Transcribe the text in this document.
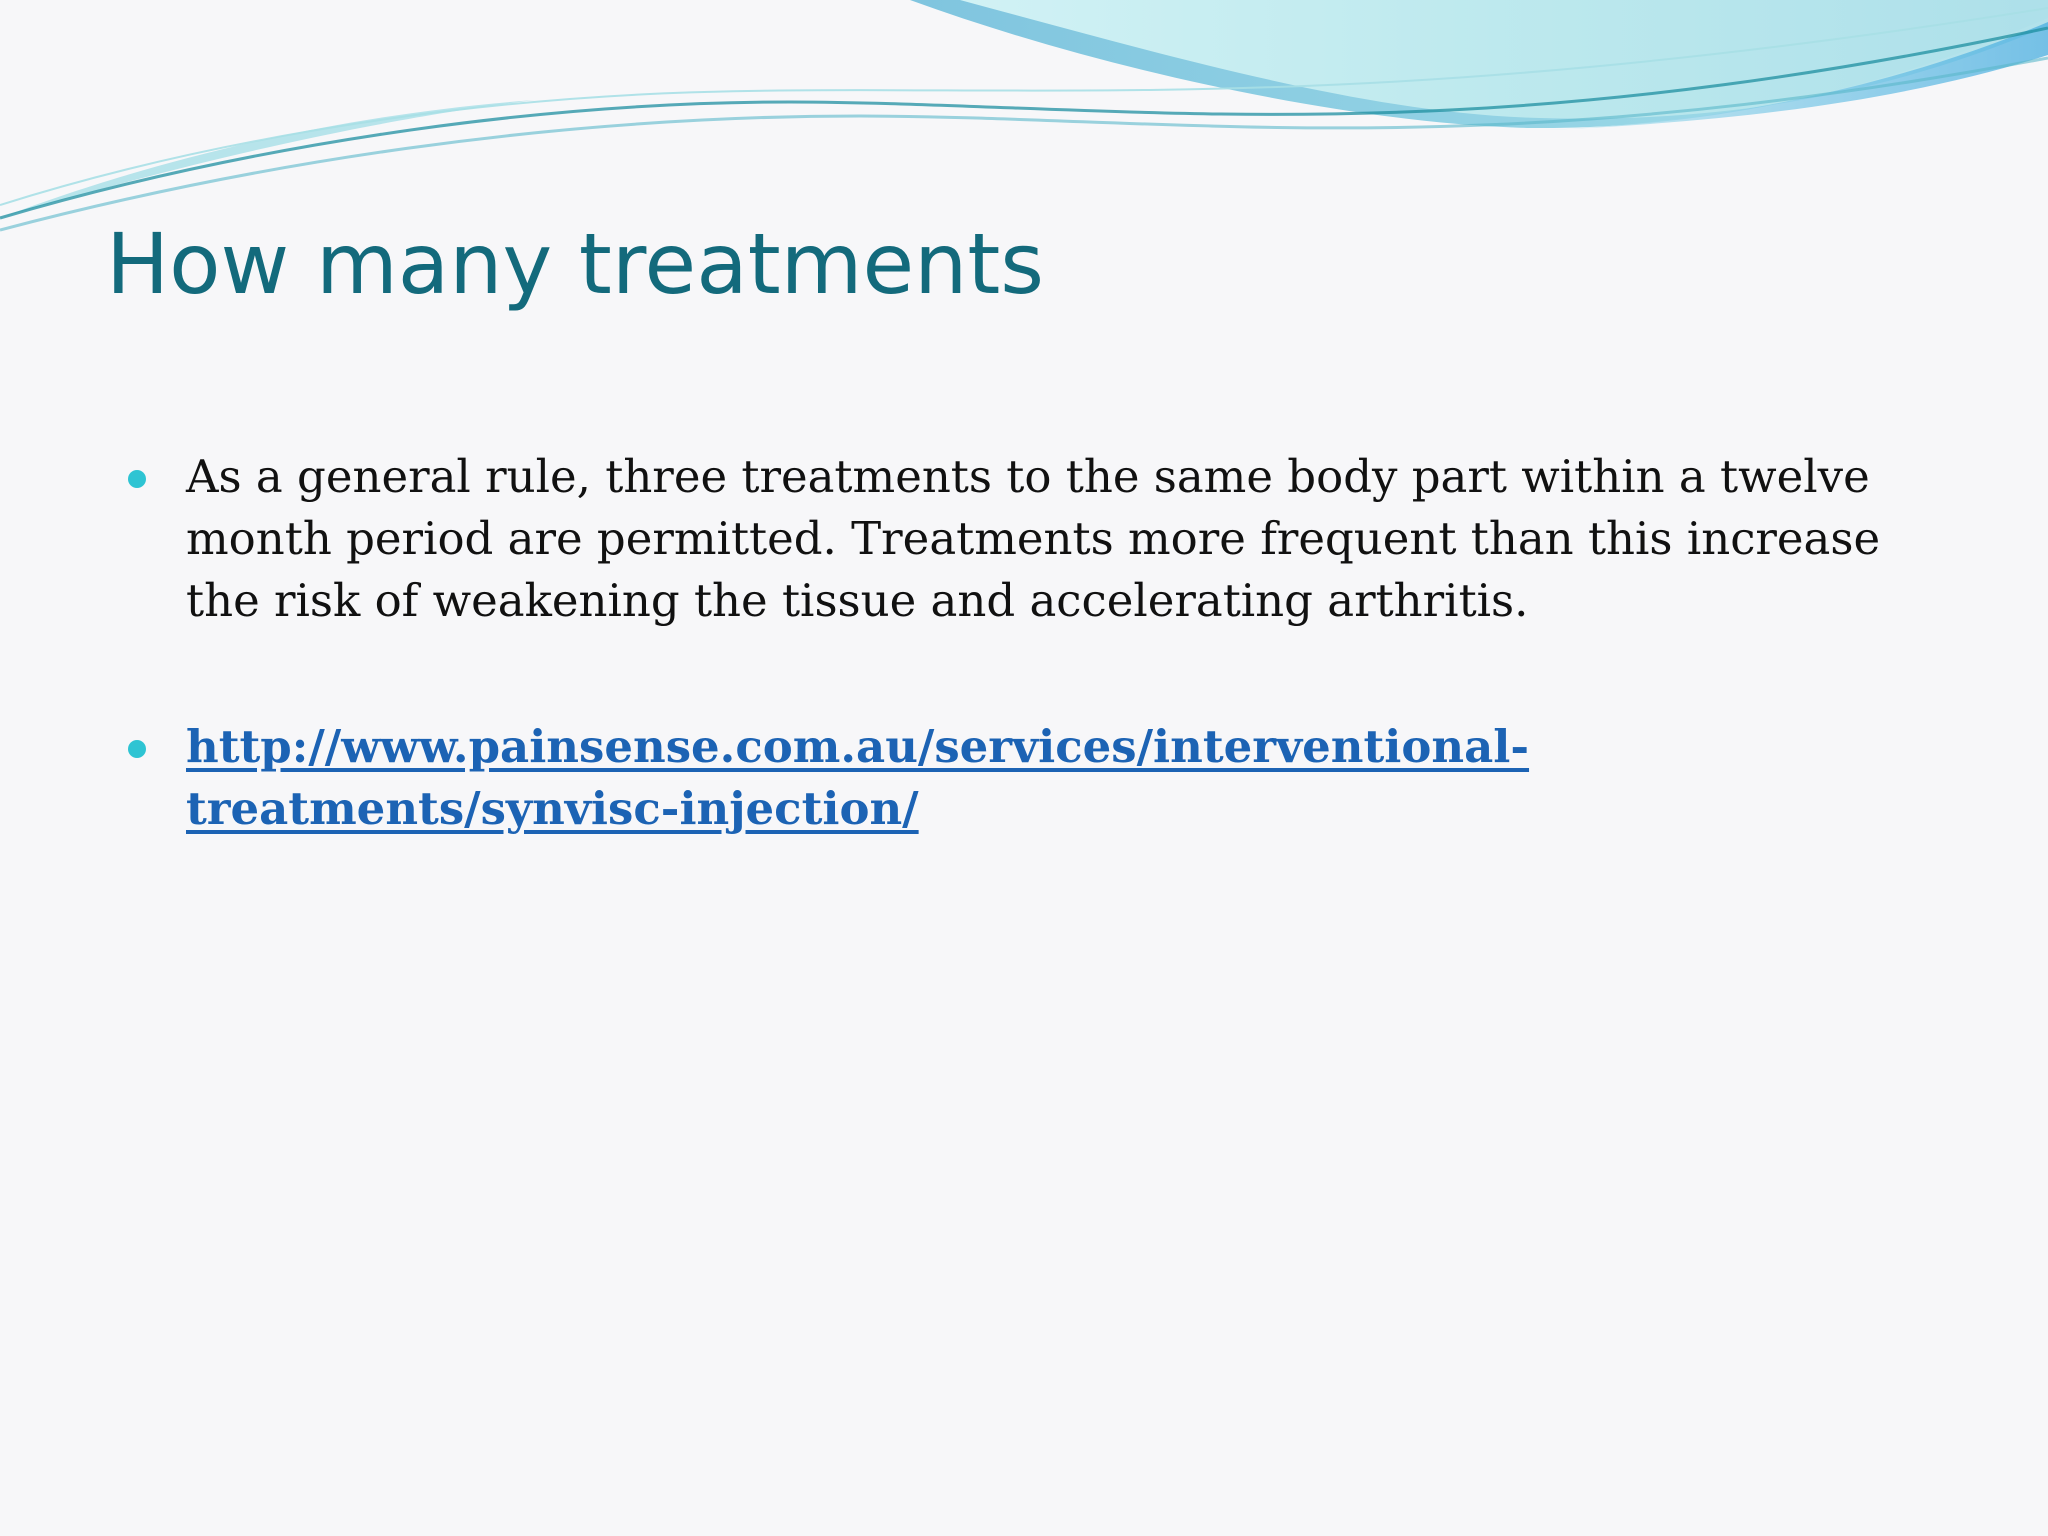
How many treatments
As a general rule, three treatments to the same body part within a twelve month period are permitted. Treatments more frequent than this increase the risk of weakening the tissue and accelerating arthritis.
http://www.painsense.com.au/services/interventional-treatments/synvisc-injection/
